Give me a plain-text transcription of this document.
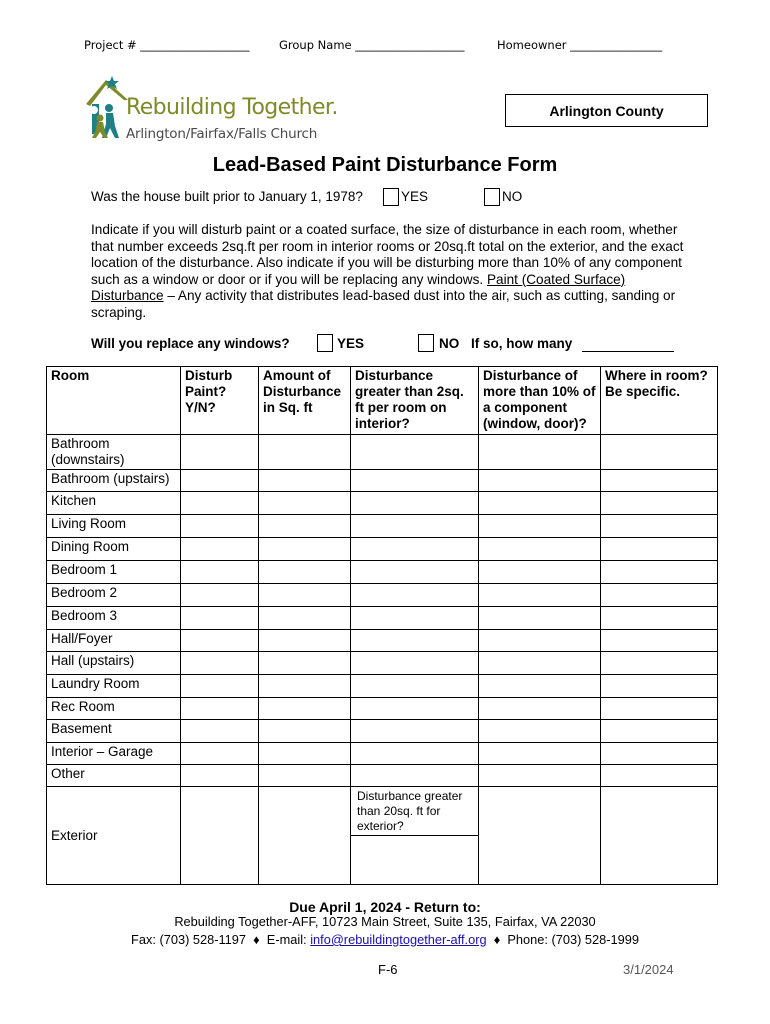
Project # ___________________	Group Name ___________________	Homeowner ________________
Rebuilding Together.
Arlington/Fairfax/Falls Church
Arlington County
Lead-Based Paint Disturbance Form
Was the house built prior to January 1, 1978?	YES	NO
Indicate if you will disturb paint or a coated surface, the size of disturbance in each room, whether that number exceeds 2sq.ft per room in interior rooms or 20sq.ft total on the exterior, and the exact location of the disturbance. Also indicate if you will be disturbing more than 10% of any component such as a window or door or if you will be replacing any windows. Paint (Coated Surface) Disturbance – Any activity that distributes lead-based dust into the air, such as cutting, sanding or scraping.
Will you replace any windows?	YES	NO If so, how many
Room	Disturb Paint? Y/N?	Amount of Disturbance in Sq. ft	Disturbance greater than 2sq. ft per room on interior?	Disturbance of more than 10% of a component (window, door)?	Where in room? Be specific.
Bathroom (downstairs)					
Bathroom (upstairs)					
Kitchen					
Living Room					
Dining Room					
Bedroom 1					
Bedroom 2					
Bedroom 3					
Hall/Foyer					
Hall (upstairs)					
Laundry Room					
Rec Room					
Basement					
Interior – Garage					
Other					
Exterior			Disturbance greater than 20sq. ft for exterior?		

Due April 1, 2024 - Return to:
Rebuilding Together-AFF, 10723 Main Street, Suite 135, Fairfax, VA 22030
Fax: (703) 528-1197  ♦  E-mail: info@rebuildingtogether-aff.org  ♦  Phone: (703) 528-1999
F-6	3/1/2024
